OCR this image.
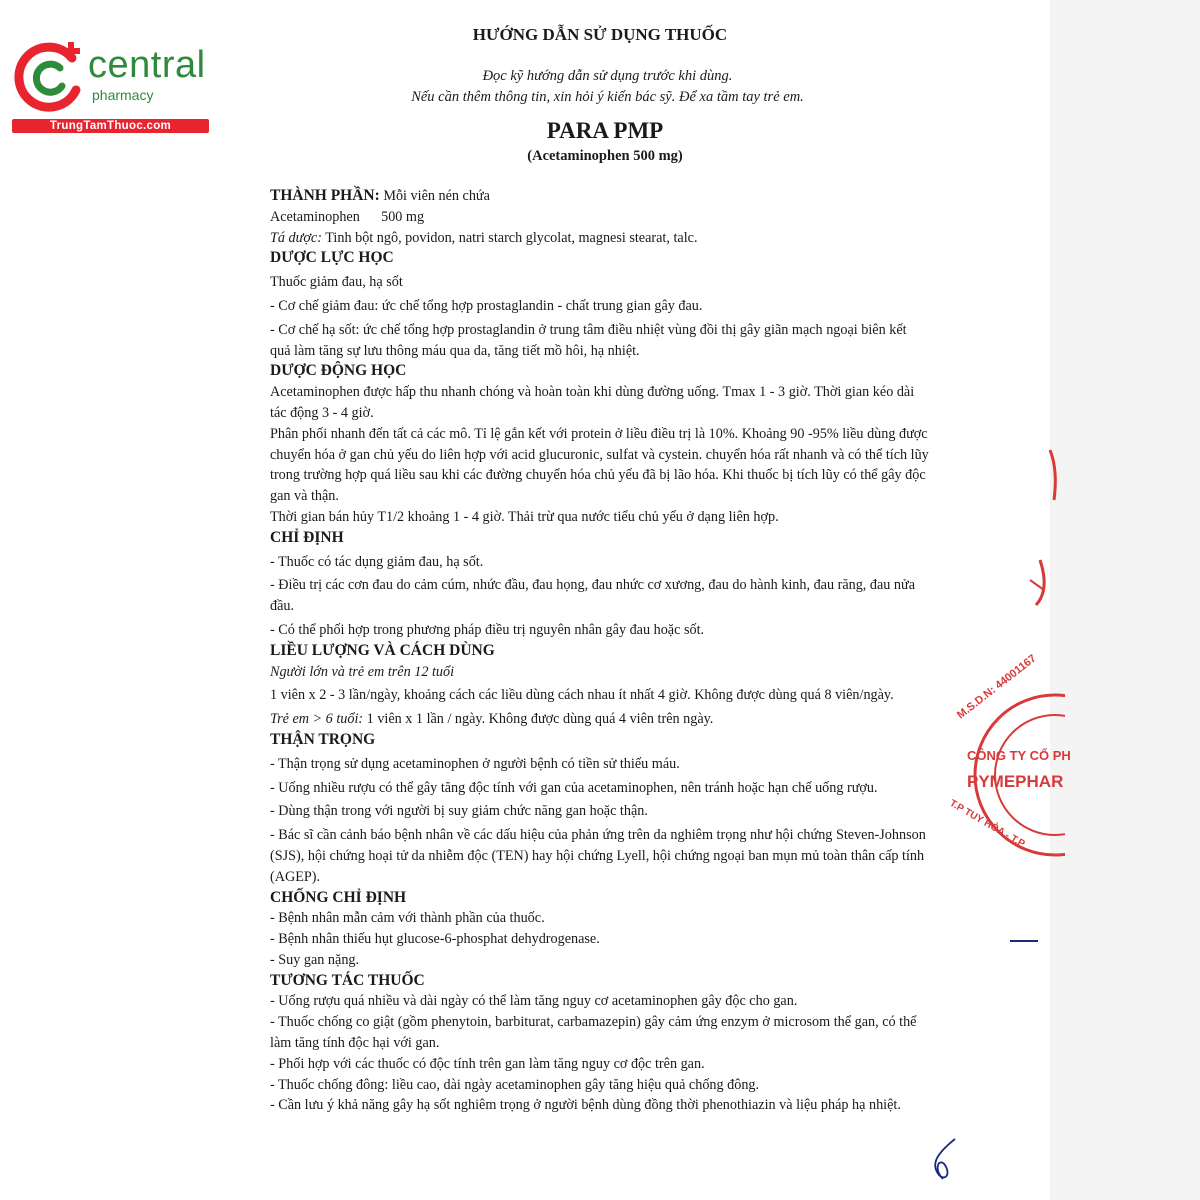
central
pharmacy
TrungTamThuoc.com
HƯỚNG DẪN SỬ DỤNG THUỐC
Đọc kỹ hướng dẫn sử dụng trước khi dùng.
Nếu cần thêm thông tin, xin hỏi ý kiến bác sỹ. Để xa tầm tay trẻ em.
PARA PMP
(Acetaminophen 500 mg)

THÀNH PHẦN: Mỗi viên nén chứa

Acetaminophen      500 mg

Tá dược: Tinh bột ngô, povidon, natri starch glycolat, magnesi stearat, talc.

DƯỢC LỰC HỌC

Thuốc giảm đau, hạ sốt

- Cơ chế giảm đau: ức chế tổng hợp prostaglandin - chất trung gian gây đau.

- Cơ chế hạ sốt: ức chế tổng hợp prostaglandin ở trung tâm điều nhiệt vùng đồi thị gây giãn mạch ngoại biên kết quả làm tăng sự lưu thông máu qua da, tăng tiết mồ hôi, hạ nhiệt.

DƯỢC ĐỘNG HỌC

Acetaminophen được hấp thu nhanh chóng và hoàn toàn khi dùng đường uống. Tmax 1 - 3 giờ. Thời gian kéo dài tác động 3 - 4 giờ.

Phân phối nhanh đến tất cả các mô. Tỉ lệ gắn kết với protein ở liều điều trị là 10%. Khoảng 90 -95% liều dùng được chuyển hóa ở gan chủ yếu do liên hợp với acid glucuronic, sulfat và cystein. chuyển hóa rất nhanh và có thể tích lũy trong trường hợp quá liều sau khi các đường chuyển hóa chủ yếu đã bị lão hóa. Khi thuốc bị tích lũy có thể gây độc gan và thận.

Thời gian bán hủy T1/2 khoảng 1 - 4 giờ. Thải trừ qua nước tiểu chủ yếu ở dạng liên hợp.

CHỈ ĐỊNH

- Thuốc có tác dụng giảm đau, hạ sốt.

- Điều trị các cơn đau do cảm cúm, nhức đầu, đau họng, đau nhức cơ xương, đau do hành kinh, đau răng, đau nửa đầu.

- Có thể phối hợp trong phương pháp điều trị nguyên nhân gây đau hoặc sốt.

LIỀU LƯỢNG VÀ CÁCH DÙNG

Người lớn và trẻ em trên 12 tuổi

1 viên x 2 - 3 lần/ngày, khoảng cách các liều dùng cách nhau ít nhất 4 giờ. Không được dùng quá 8 viên/ngày.

Trẻ em > 6 tuổi: 1 viên x 1 lần / ngày. Không được dùng quá 4 viên trên ngày.

THẬN TRỌNG

- Thận trọng sử dụng acetaminophen ở người bệnh có tiền sử thiếu máu.

- Uống nhiều rượu có thể gây tăng độc tính với gan của acetaminophen, nên tránh hoặc hạn chế uống rượu.

- Dùng thận trong với người bị suy giảm chức năng gan hoặc thận.

- Bác sĩ cần cảnh báo bệnh nhân về các dấu hiệu của phản ứng trên da nghiêm trọng như hội chứng Steven-Johnson (SJS), hội chứng hoại tử da nhiễm độc (TEN) hay hội chứng Lyell, hội chứng ngoại ban mụn mủ toàn thân cấp tính (AGEP).

CHỐNG CHỈ ĐỊNH

- Bệnh nhân mẫn cảm với thành phần của thuốc.

- Bệnh nhân thiếu hụt glucose-6-phosphat dehydrogenase.

- Suy gan nặng.

TƯƠNG TÁC THUỐC

- Uống rượu quá nhiều và dài ngày có thể làm tăng nguy cơ acetaminophen gây độc cho gan.

- Thuốc chống co giật (gồm phenytoin, barbiturat, carbamazepin) gây cảm ứng enzym ở microsom thể gan, có thể làm tăng tính độc hại với gan.

- Phối hợp với các thuốc có độc tính trên gan làm tăng nguy cơ độc trên gan.

- Thuốc chống đông: liều cao, dài ngày acetaminophen gây tăng hiệu quả chống đông.

- Cần lưu ý khả năng gây hạ sốt nghiêm trọng ở người bệnh dùng đồng thời phenothiazin và liệu pháp hạ nhiệt.

M.S.D.N: 44001167
CÔNG TY CỔ PH
PYMEPHAR
T.P TUY HÒA - T.P
